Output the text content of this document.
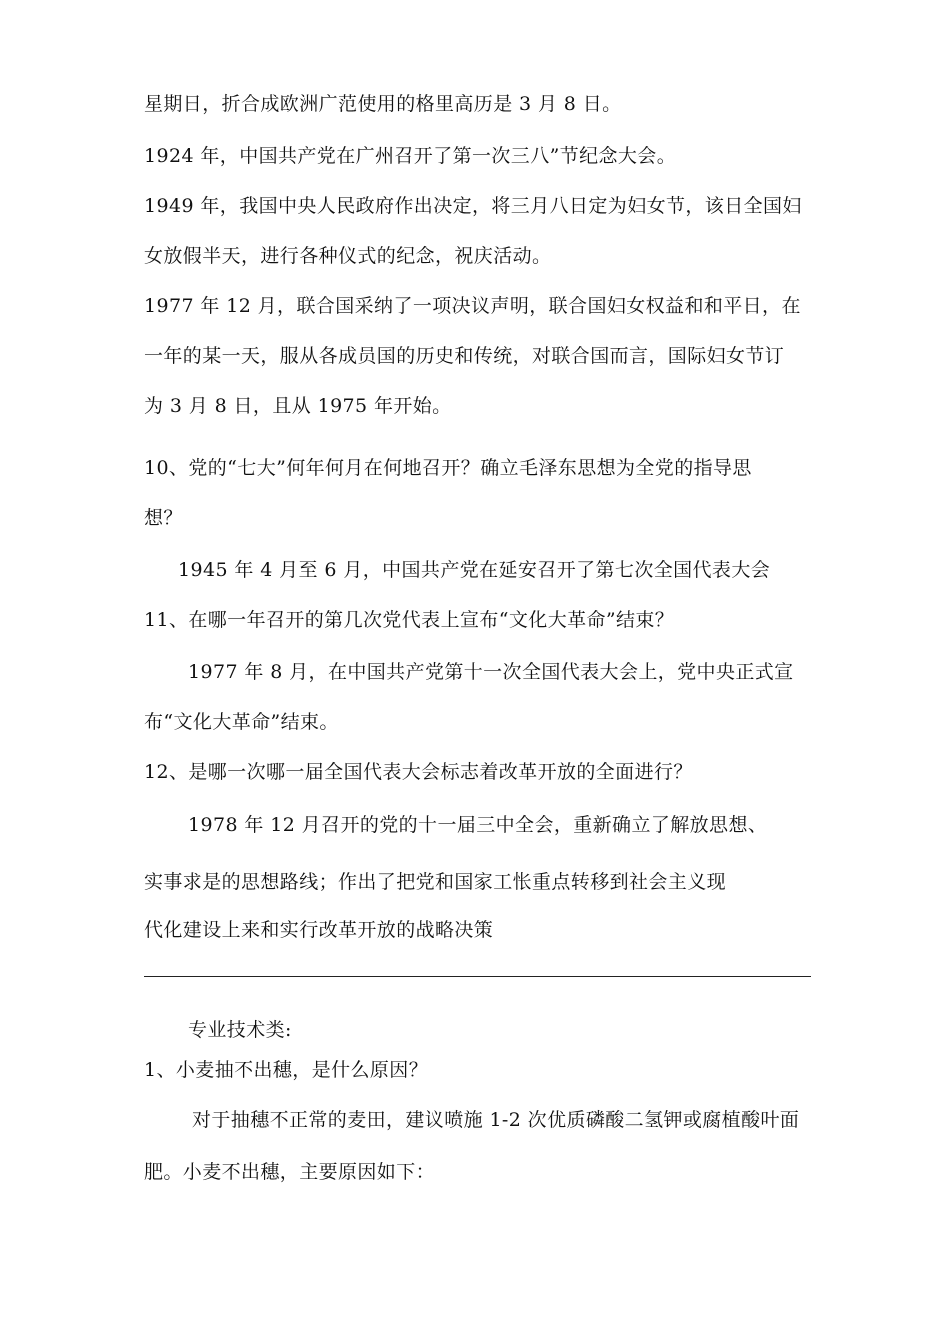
星期日，折合成欧洲广范使用的格里高历是 3 月 8 日。
1924 年，中国共产党在广州召开了第一次三八”节纪念大会。
1949 年，我国中央人民政府作出决定，将三月八日定为妇女节，该日全国妇
女放假半天，进行各种仪式的纪念，祝庆活动。
1977 年 12 月，联合国采纳了一项决议声明，联合国妇女权益和和平日，在
一年的某一天，服从各成员国的历史和传统，对联合国而言，国际妇女节订
为 3 月 8 日，且从 1975 年开始。
10、党的“七大”何年何月在何地召开？确立毛泽东思想为全党的指导思
想？
1945 年 4 月至 6 月，中国共产党在延安召开了第七次全国代表大会
11、在哪一年召开的第几次党代表上宣布“文化大革命”结束？
1977 年 8 月，在中国共产党第十一次全国代表大会上，党中央正式宣
布“文化大革命”结束。
12、是哪一次哪一届全国代表大会标志着改革开放的全面进行？
1978 年 12 月召开的党的十一届三中全会，重新确立了解放思想、
实事求是的思想路线；作出了把党和国家工怅重点转移到社会主义现
代化建设上来和实行改革开放的战略决策
专业技术类:
1、小麦抽不出穗，是什么原因？
对于抽穗不正常的麦田，建议喷施 1-2 次优质磷酸二氢钾或腐植酸叶面
肥。小麦不出穗，主要原因如下：
